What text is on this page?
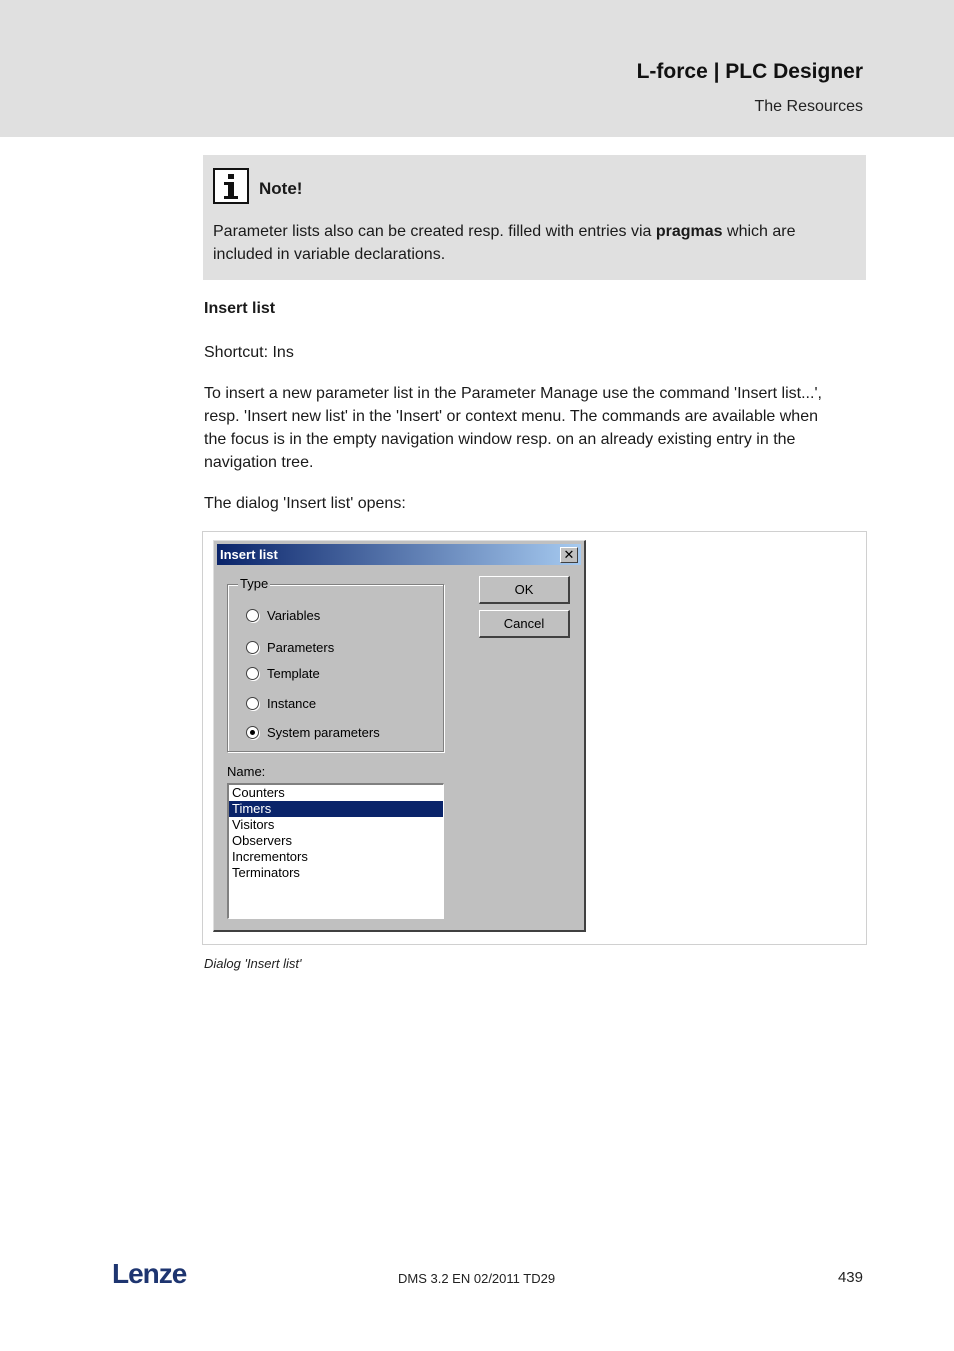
L-force | PLC Designer
The Resources
Note!
Parameter lists also can be created resp. filled with entries via pragmas which are included in variable declarations.
Insert list
Shortcut: Ins
To insert a new parameter list in the Parameter Manage use the command 'Insert list...', resp. 'Insert new list' in the 'Insert' or context menu. The commands are available when the focus is in the empty navigation window resp. on an already existing entry in the navigation tree.
The dialog 'Insert list' opens:
Insert list	✕
Type
Variables
Parameters
Template
Instance
System parameters
OK
Cancel
Name:
Counters
Timers
Visitors
Observers
Incrementors
Terminators
Dialog 'Insert list'
Lenze	DMS 3.2 EN 02/2011 TD29	439
